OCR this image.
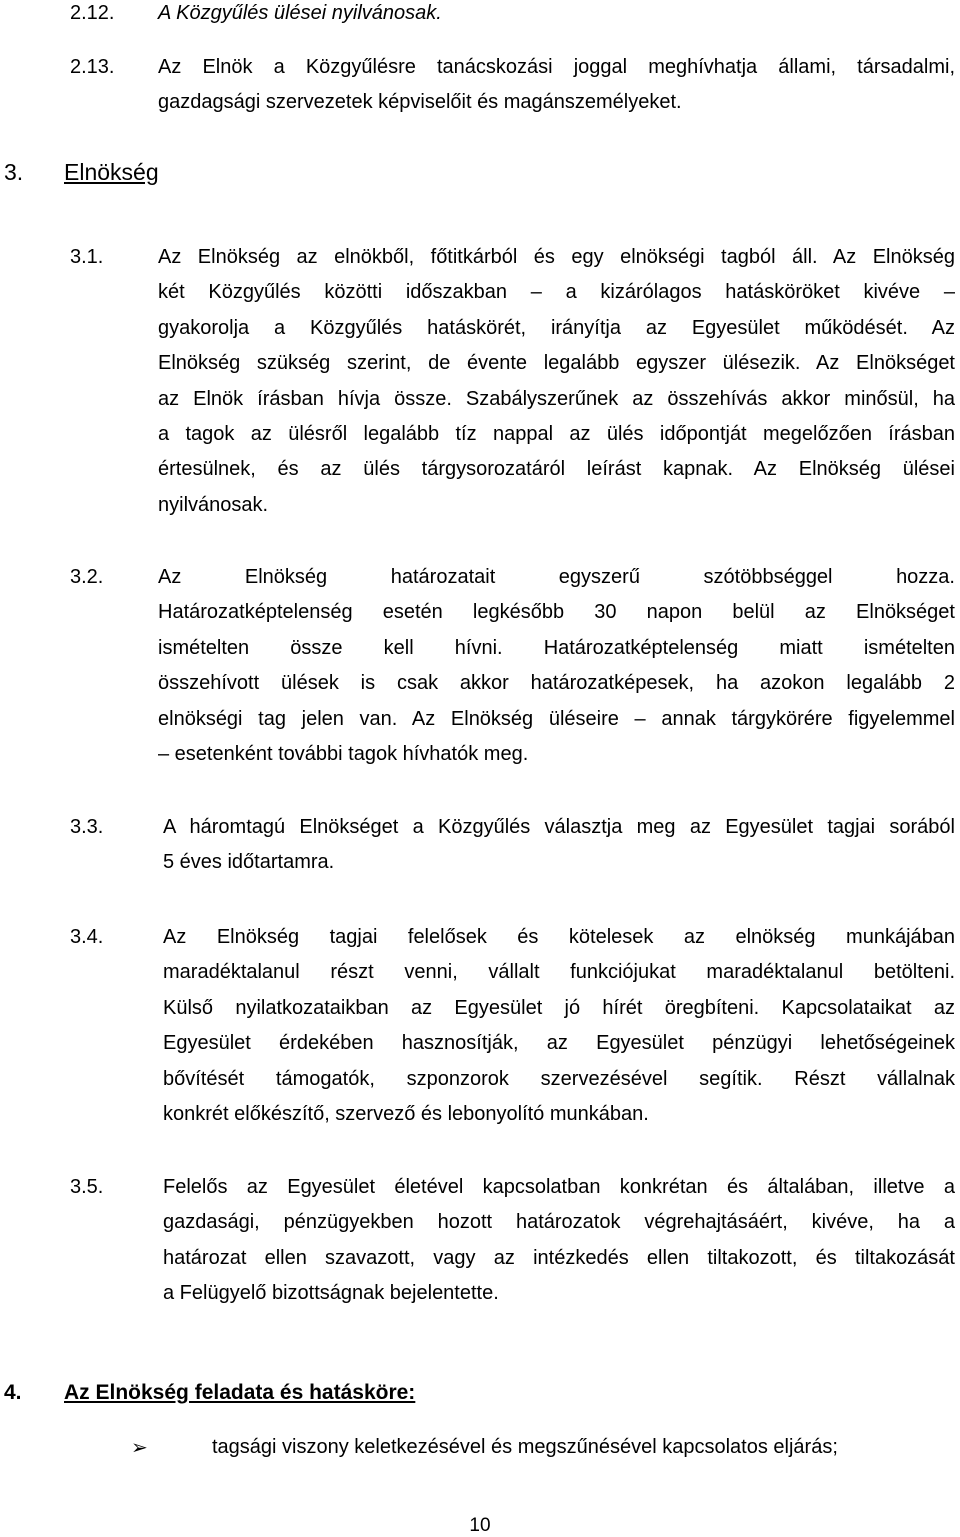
2.12. A Közgyűlés ülései nyilvánosak.
2.13. Az Elnök a Közgyűlésre tanácskozási joggal meghívhatja állami, társadalmi,
gazdagsági szervezetek képviselőit és magánszemélyeket.
3. Elnökség
3.1.	Az Elnökség az elnökből, főtitkárból és egy elnökségi tagból áll. Az Elnökség
két Közgyűlés közötti időszakban – a kizárólagos hatásköröket kivéve –
gyakorolja a Közgyűlés hatáskörét, irányítja az Egyesület működését. Az
Elnökség szükség szerint, de évente legalább egyszer ülésezik. Az Elnökséget
az Elnök írásban hívja össze. Szabályszerűnek az összehívás akkor minősül, ha
a tagok az ülésről legalább tíz nappal az ülés időpontját megelőzően írásban
értesülnek, és az ülés tárgysorozatáról leírást kapnak. Az Elnökség ülései
nyilvánosak.
3.2.	Az Elnökség határozatait egyszerű szótöbbséggel hozza.
Határozatképtelenség esetén legkésőbb 30 napon belül az Elnökséget
ismételten össze kell hívni. Határozatképtelenség miatt ismételten
összehívott ülések is csak akkor határozatképesek, ha azokon legalább 2
elnökségi tag jelen van. Az Elnökség üléseire – annak tárgykörére figyelemmel
– esetenként további tagok hívhatók meg.
3.3.	A háromtagú Elnökséget a Közgyűlés választja meg az Egyesület tagjai sorából
5 éves időtartamra.
3.4.	Az Elnökség tagjai felelősek és kötelesek az elnökség munkájában
maradéktalanul részt venni, vállalt funkciójukat maradéktalanul betölteni.
Külső nyilatkozataikban az Egyesület jó hírét öregbíteni. Kapcsolataikat az
Egyesület érdekében hasznosítják, az Egyesület pénzügyi lehetőségeinek
bővítését támogatók, szponzorok szervezésével segítik. Részt vállalnak
konkrét előkészítő, szervező és lebonyolító munkában.
3.5.	Felelős az Egyesület életével kapcsolatban konkrétan és általában, illetve a
gazdasági, pénzügyekben hozott határozatok végrehajtásáért, kivéve, ha a
határozat ellen szavazott, vagy az intézkedés ellen tiltakozott, és tiltakozását
a Felügyelő bizottságnak bejelentette.
4. Az Elnökség feladata és hatásköre:
➢	tagsági viszony keletkezésével és megszűnésével kapcsolatos eljárás;
10
